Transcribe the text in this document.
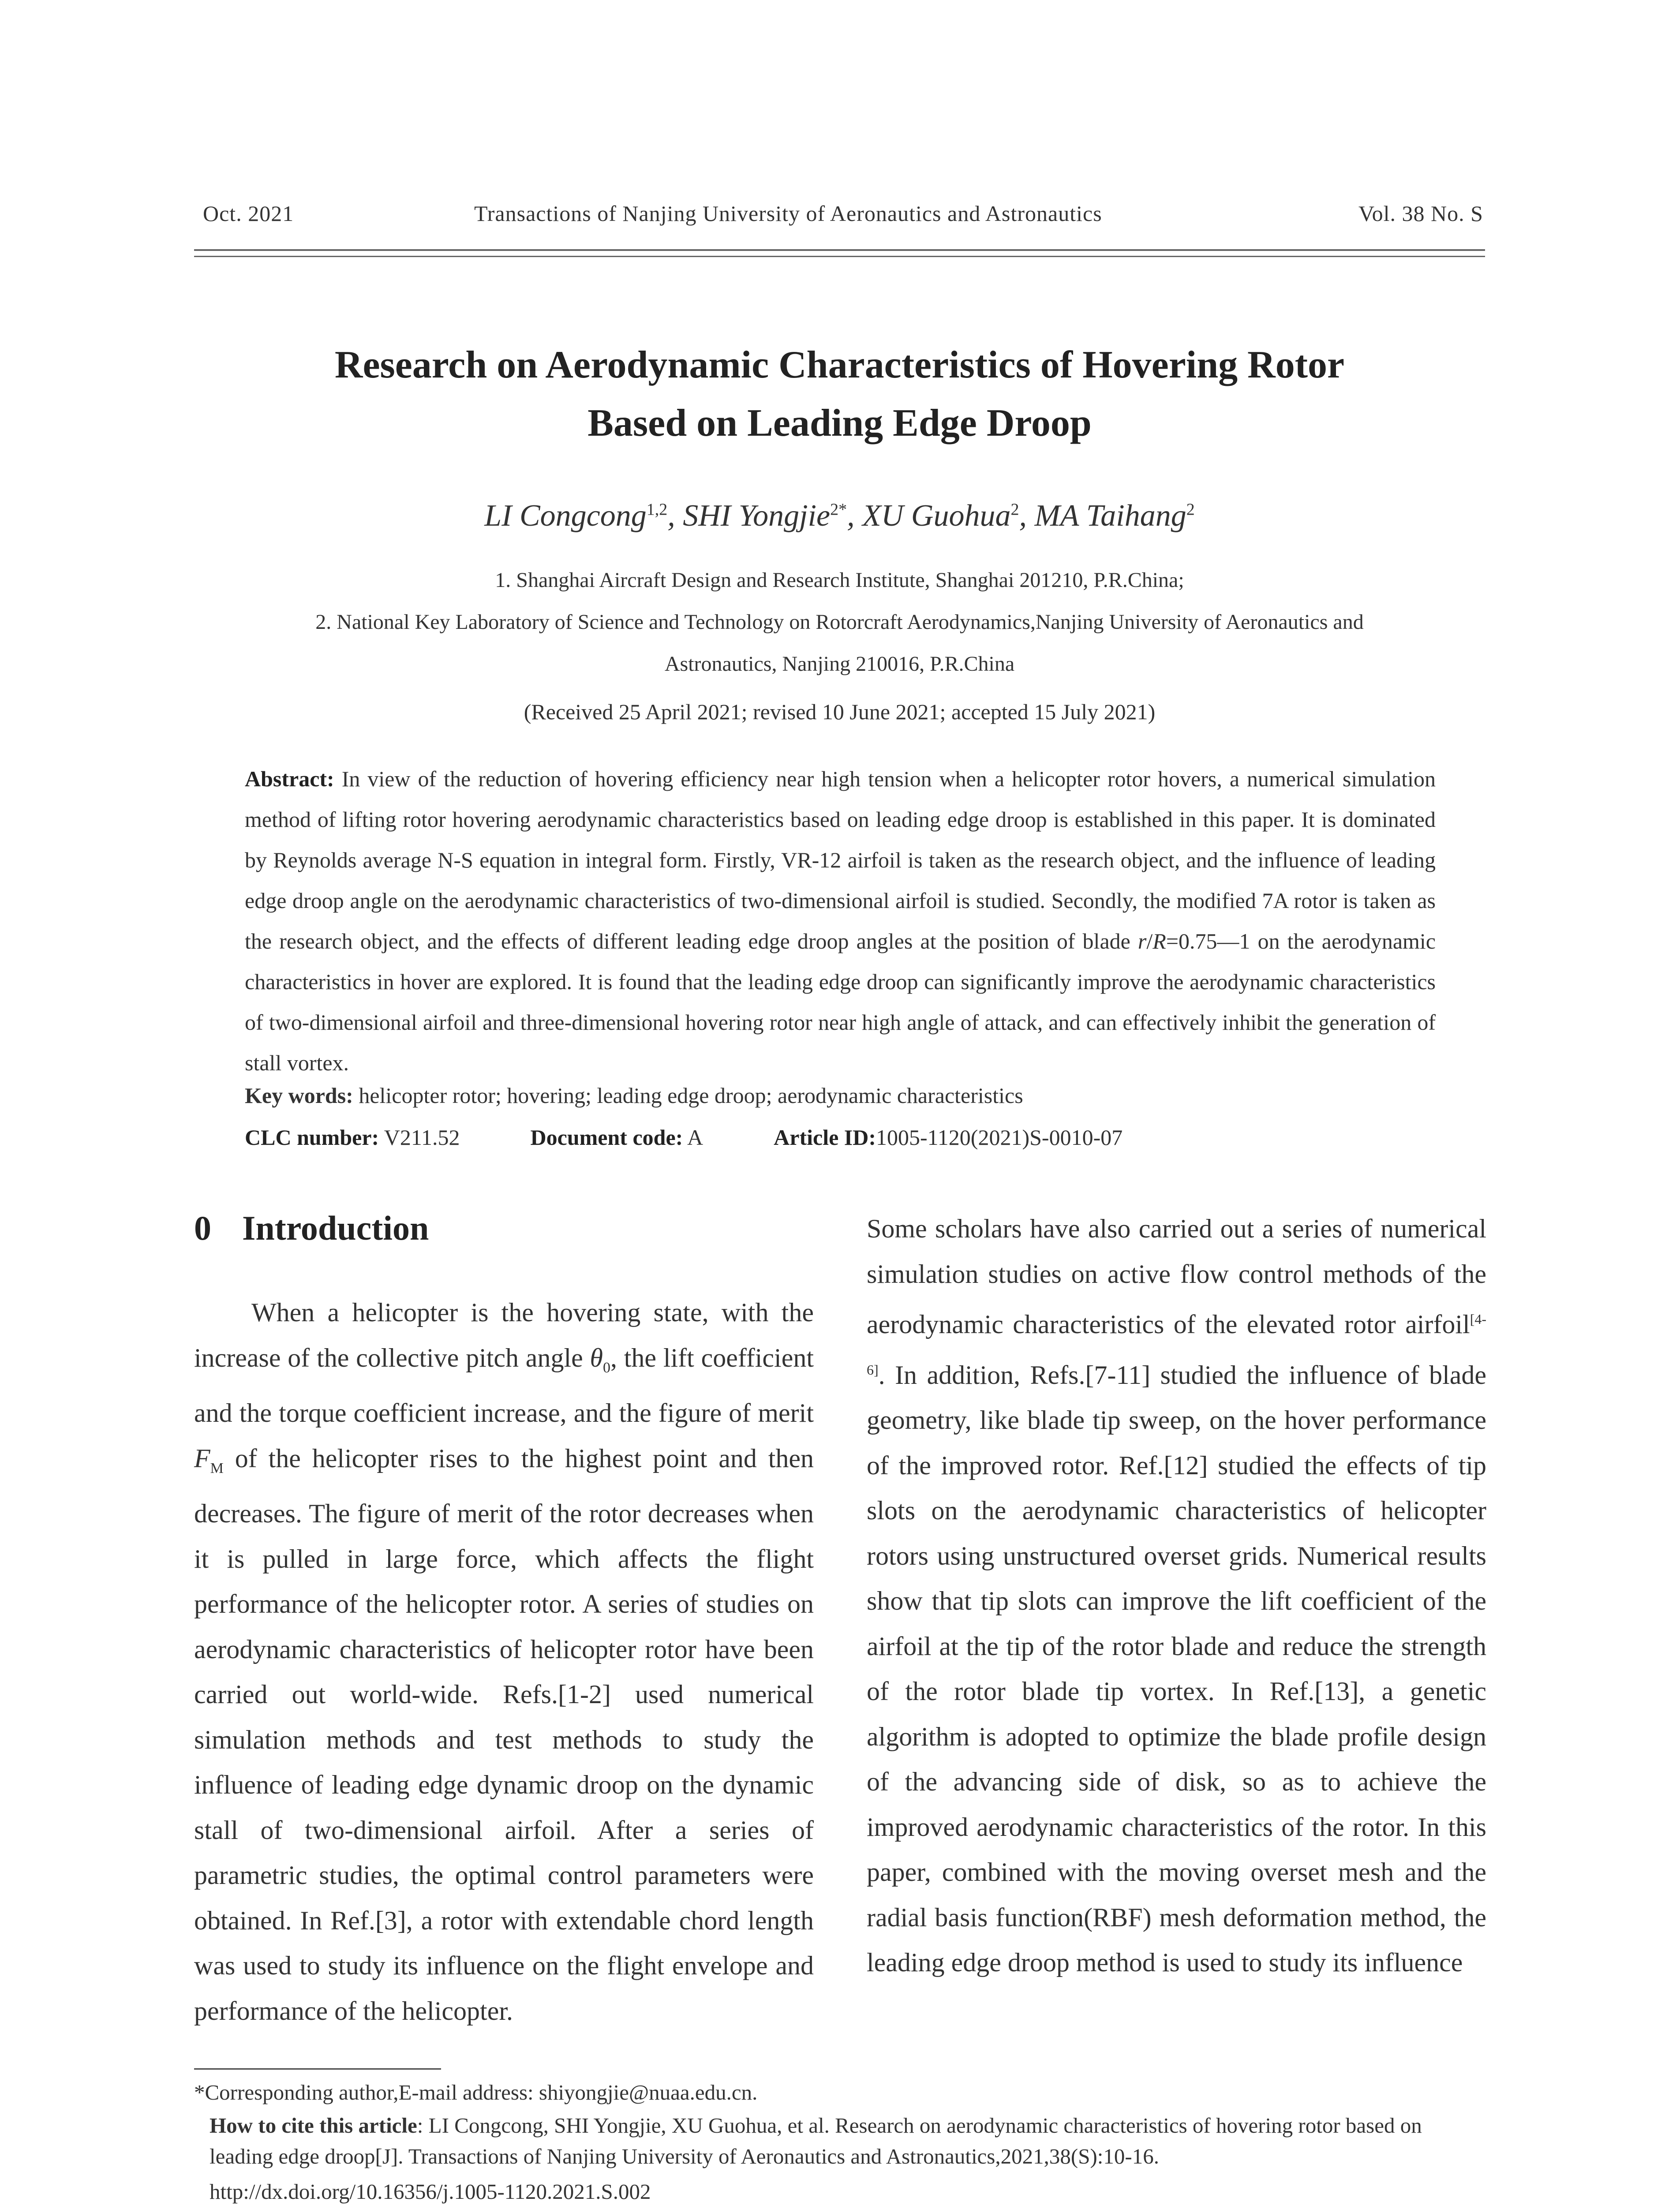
Oct. 2021	Transactions of Nanjing University of Aeronautics and Astronautics	Vol. 38 No. S
Research on Aerodynamic Characteristics of Hovering Rotor
Based on Leading Edge Droop
LI Congcong$^{1,2}$, SHI Yongjie$^{2*}$, XU Guohua$^2$, MA Taihang$^2$
1. Shanghai Aircraft Design and Research Institute, Shanghai 201210, P.R.China;
2. National Key Laboratory of Science and Technology on Rotorcraft Aerodynamics,Nanjing University of Aeronautics and
Astronautics, Nanjing 210016, P.R.China
(Received 25 April 2021; revised 10 June 2021; accepted 15 July 2021)
Abstract: In view of the reduction of hovering efficiency near high tension when a helicopter rotor hovers, a numerical simulation method of lifting rotor hovering aerodynamic characteristics based on leading edge droop is established in this paper. It is dominated by Reynolds average N-S equation in integral form. Firstly, VR-12 airfoil is taken as the research object, and the influence of leading edge droop angle on the aerodynamic characteristics of two-dimensional airfoil is studied. Secondly, the modified 7A rotor is taken as the research object, and the effects of different leading edge droop angles at the position of blade r/R=0.75—1 on the aerodynamic characteristics in hover are explored. It is found that the leading edge droop can significantly improve the aerodynamic characteristics of two-dimensional airfoil and three-dimensional hovering rotor near high angle of attack, and can effectively inhibit the generation of stall vortex.
Key words: helicopter rotor; hovering; leading edge droop; aerodynamic characteristics
CLC number: V211.52	Document code: A	Article ID:1005-1120(2021)S-0010-07
0 Introduction

When a helicopter is the hovering state, with the increase of the collective pitch angle $\theta_0$, the lift coefficient and the torque coefficient increase, and the figure of merit $F_M$ of the helicopter rises to the highest point and then decreases. The figure of merit of the rotor decreases when it is pulled in large force, which affects the flight performance of the helicopter rotor. A series of studies on aerodynamic characteristics of helicopter rotor have been carried out world-wide. Refs.[1-2] used numerical simulation methods and test methods to study the influence of leading edge dynamic droop on the dynamic stall of two-dimensional airfoil. After a series of parametric studies, the optimal control parameters were obtained. In Ref.[3], a rotor with extendable chord length was used to study its influence on the flight envelope and performance of the helicopter.

Some scholars have also carried out a series of numerical simulation studies on active flow control methods of the aerodynamic characteristics of the elevated rotor airfoil[4-6]. In addition, Refs.[7-11] studied the influence of blade geometry, like blade tip sweep, on the hover performance of the improved rotor. Ref.[12] studied the effects of tip slots on the aerodynamic characteristics of helicopter rotors using unstructured overset grids. Numerical results show that tip slots can improve the lift coefficient of the airfoil at the tip of the rotor blade and reduce the strength of the rotor blade tip vortex. In Ref.[13], a genetic algorithm is adopted to optimize the blade profile design of the advancing side of disk, so as to achieve the improved aerodynamic characteristics of the rotor. In this paper, combined with the moving overset mesh and the radial basis function(RBF) mesh deformation method, the leading edge droop method is used to study its influence

*Corresponding author,E-mail address: shiyongjie@nuaa.edu.cn.
How to cite this article: LI Congcong, SHI Yongjie, XU Guohua, et al. Research on aerodynamic characteristics of hovering rotor based on leading edge droop[J]. Transactions of Nanjing University of Aeronautics and Astronautics,2021,38(S):10-16.
http://dx.doi.org/10.16356/j.1005-1120.2021.S.002
